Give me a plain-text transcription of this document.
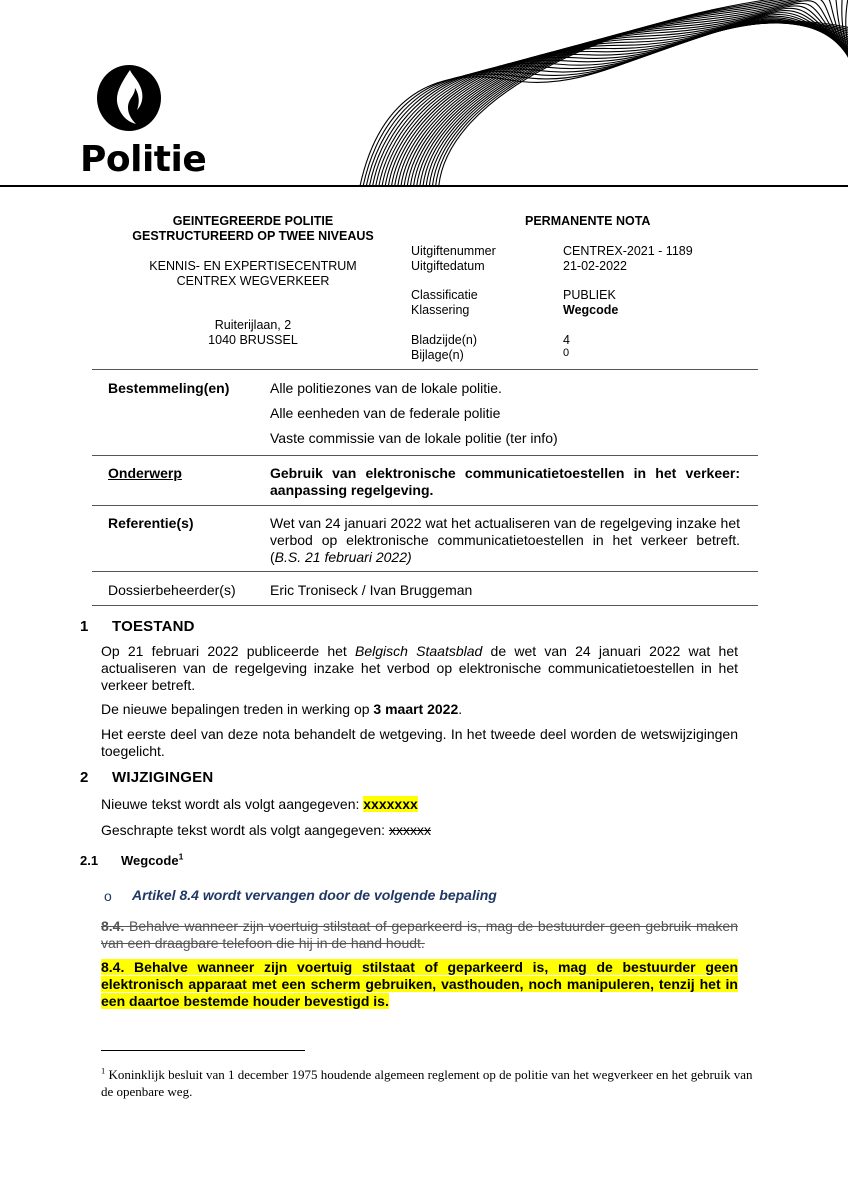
Politie
GEINTEGREERDE POLITIE
GESTRUCTUREERD OP TWEE NIVEAUS
KENNIS- EN EXPERTISECENTRUM
CENTREX WEGVERKEER
Ruiterijlaan, 2
1040 BRUSSEL
PERMANENTE NOTA
Uitgiftenummer	CENTREX-2021 - 1189
Uitgiftedatum	21-02-2022
Classificatie	PUBLIEK
Klassering	Wegcode
Bladzijde(n)	4
Bijlage(n)	0
Bestemmeling(en)	Alle politiezones van de lokale politie.
Alle eenheden van de federale politie
Vaste commissie van de lokale politie (ter info)
Onderwerp	Gebruik van elektronische communicatietoestellen in het verkeer: aanpassing regelgeving.
Referentie(s)	Wet van 24 januari 2022 wat het actualiseren van de regelgeving inzake het verbod op elektronische communicatietoestellen in het verkeer betreft. (B.S. 21 februari 2022)
Dossierbeheerder(s) Eric Troniseck / Ivan Bruggeman
1 TOESTAND
Op 21 februari 2022 publiceerde het Belgisch Staatsblad de wet van 24 januari 2022 wat het actualiseren van de regelgeving inzake het verbod op elektronische communicatietoestellen in het verkeer betreft.
De nieuwe bepalingen treden in werking op 3 maart 2022.
Het eerste deel van deze nota behandelt de wetgeving. In het tweede deel worden de wetswijzigingen toegelicht.
2 WIJZIGINGEN
Nieuwe tekst wordt als volgt aangegeven: xxxxxxx
Geschrapte tekst wordt als volgt aangegeven: xxxxxx
2.1 Wegcode$^1$
o Artikel 8.4 wordt vervangen door de volgende bepaling
8.4. Behalve wanneer zijn voertuig stilstaat of geparkeerd is, mag de bestuurder geen gebruik maken van een draagbare telefoon die hij in de hand houdt.
8.4. Behalve wanneer zijn voertuig stilstaat of geparkeerd is, mag de bestuurder geen elektronisch apparaat met een scherm gebruiken, vasthouden, noch manipuleren, tenzij het in een daartoe bestemde houder bevestigd is.
$^1$ Koninklijk besluit van 1 december 1975 houdende algemeen reglement op de politie van het wegverkeer en het gebruik van de openbare weg.
